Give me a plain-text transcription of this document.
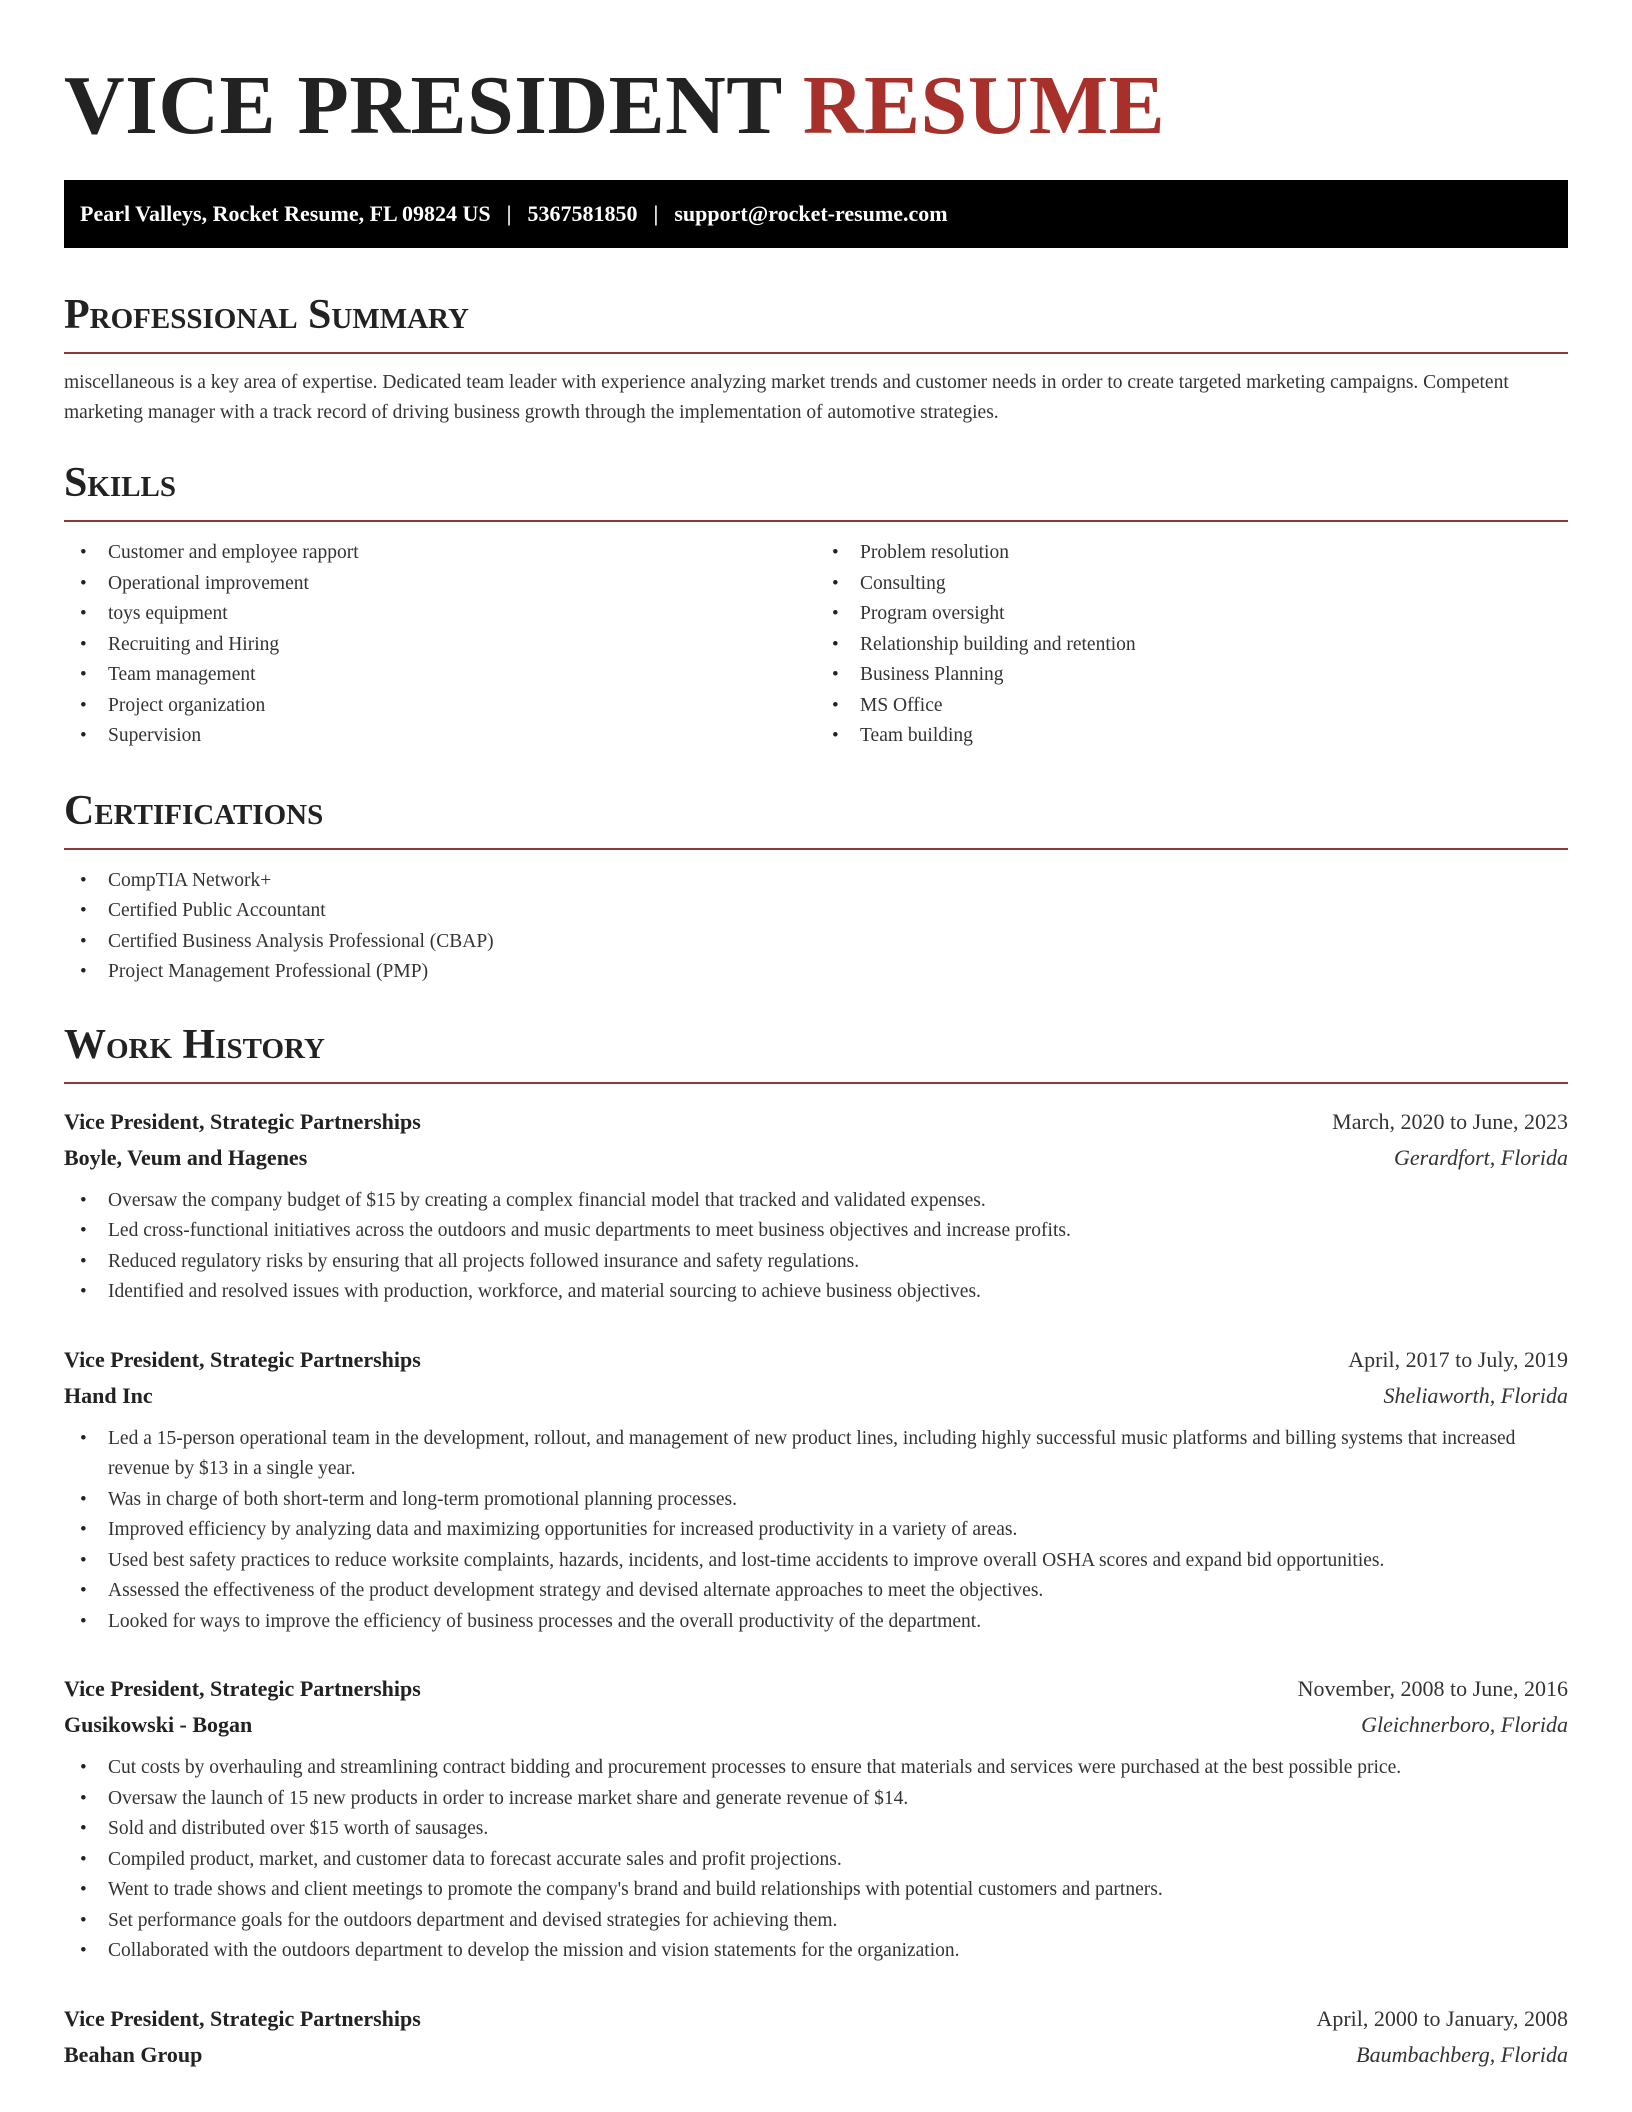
VICE PRESIDENT RESUME
Pearl Valleys, Rocket Resume, FL 09824 US | 5367581850 | support@rocket-resume.com
Professional Summary

miscellaneous is a key area of expertise. Dedicated team leader with experience analyzing market trends and customer needs in order to create targeted marketing campaigns. Competent marketing manager with a track record of driving business growth through the implementation of automotive strategies.

Skills
• Customer and employee rapport
• Operational improvement
• toys equipment
• Recruiting and Hiring
• Team management
• Project organization
• Supervision
• Problem resolution
• Consulting
• Program oversight
• Relationship building and retention
• Business Planning
• MS Office
• Team building
Certifications
• CompTIA Network+
• Certified Public Accountant
• Certified Business Analysis Professional (CBAP)
• Project Management Professional (PMP)
Work History
Vice President, Strategic Partnerships	March, 2020 to June, 2023
Boyle, Veum and Hagenes	Gerardfort, Florida
• Oversaw the company budget of $15 by creating a complex financial model that tracked and validated expenses.
• Led cross-functional initiatives across the outdoors and music departments to meet business objectives and increase profits.
• Reduced regulatory risks by ensuring that all projects followed insurance and safety regulations.
• Identified and resolved issues with production, workforce, and material sourcing to achieve business objectives.
Vice President, Strategic Partnerships	April, 2017 to July, 2019
Hand Inc	Sheliaworth, Florida
• Led a 15-person operational team in the development, rollout, and management of new product lines, including highly successful music platforms and billing systems that increased revenue by $13 in a single year.
• Was in charge of both short-term and long-term promotional planning processes.
• Improved efficiency by analyzing data and maximizing opportunities for increased productivity in a variety of areas.
• Used best safety practices to reduce worksite complaints, hazards, incidents, and lost-time accidents to improve overall OSHA scores and expand bid opportunities.
• Assessed the effectiveness of the product development strategy and devised alternate approaches to meet the objectives.
• Looked for ways to improve the efficiency of business processes and the overall productivity of the department.
Vice President, Strategic Partnerships	November, 2008 to June, 2016
Gusikowski - Bogan	Gleichnerboro, Florida
• Cut costs by overhauling and streamlining contract bidding and procurement processes to ensure that materials and services were purchased at the best possible price.
• Oversaw the launch of 15 new products in order to increase market share and generate revenue of $14.
• Sold and distributed over $15 worth of sausages.
• Compiled product, market, and customer data to forecast accurate sales and profit projections.
• Went to trade shows and client meetings to promote the company's brand and build relationships with potential customers and partners.
• Set performance goals for the outdoors department and devised strategies for achieving them.
• Collaborated with the outdoors department to develop the mission and vision statements for the organization.
Vice President, Strategic Partnerships	April, 2000 to January, 2008
Beahan Group	Baumbachberg, Florida
